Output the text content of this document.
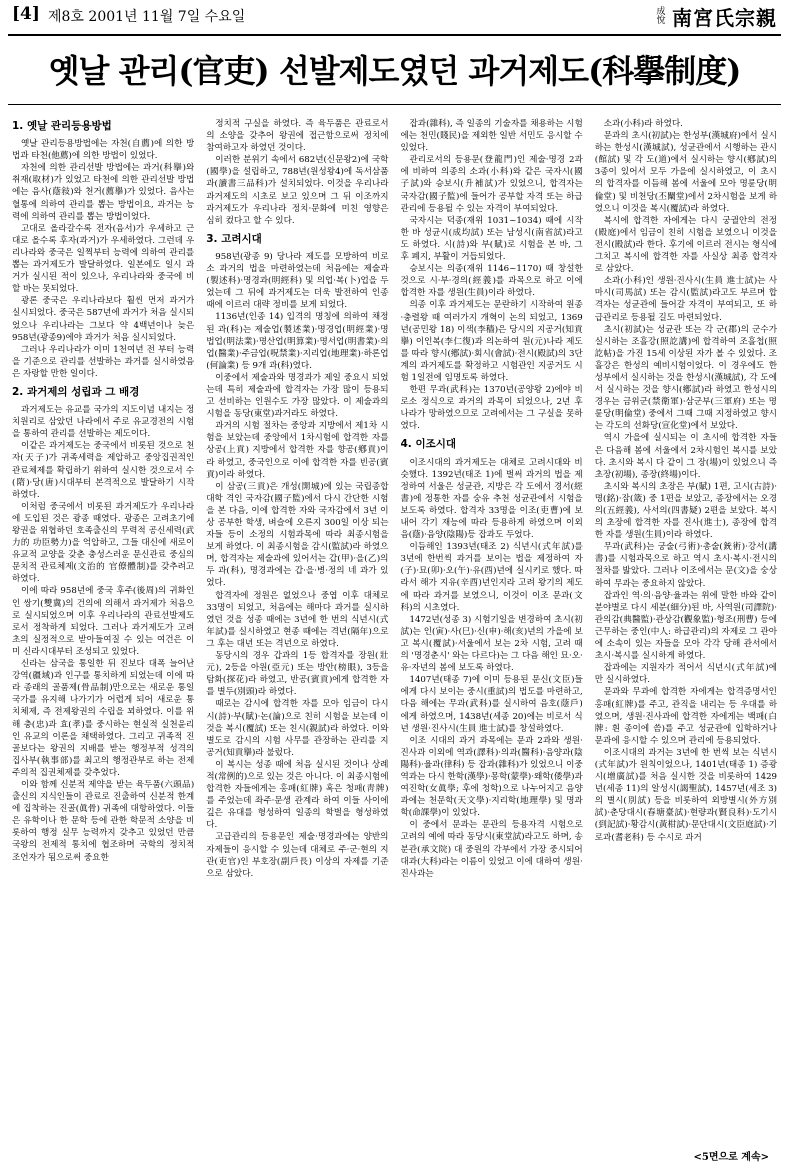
[4] 제8호 2001년 11월 7일 수요일	成悅 南宮氏宗親
옛날 관리(官吏) 선발제도였던 과거제도(科擧制度)
1. 옛날 관리등용방법

옛날 관리등용방법에는 자천(自薦)에 의한 방법과 타천(他薦)에 의한 방법이 있었다.

자천에 의한 관리선발 방법에는 과거(科擧)와 취재(取材)가 있었고 타천에 의한 관리선발 방법에는 음사(蔭敍)와 천거(薦擧)가 있었다. 음사는 혈통에 의하여 관리를 뽑는 방법이요, 과거는 능력에 의하여 관리를 뽑는 방법이었다.

고대로 올라갈수록 전자(음서)가 우세하고 근대로 올수록 후자(과거)가 우세하였다. 그런데 우리나라와 중국은 일찍부터 능력에 의하여 관리를 뽑는 과거제도가 발달하였다. 일본에도 일시 과거가 실시된 적이 있으나, 우리나라와 중국에 비할 바는 못되었다.

광론 중국은 우리나라보다 훨씬 먼저 과거가 실시되었다. 중국은 587년에 과거가 처음 실시되었으나 우리나라는 그보다 약 4백년이나 늦은 958년(광종9)에야 과거가 처음 실시되었다.

그러나 우리나라가 이미 1천여년 전 부터 능력을 기준으로 관리를 선발하는 과거를 실시하였음은 자랑할 만한 일이다.

2. 과거제의 성립과 그 배경

과거제도는 유교를 국가의 지도이념 내지는 정치원리로 삼았던 나라에서 주로 유교경전의 시험을 통하여 관리를 선발하는 제도이다.

이같은 과거제도는 중국에서 비롯된 것으로 천자(天子)가 귀족세력을 제압하고 중앙집권적인 관료체제를 확립하기 위하여 실시한 것으로서 수(隋)·당(唐)시대부터 본격적으로 발달하기 시작하였다.

이처럼 중국에서 비롯된 과거제도가 우리나라에 도입된 것은 광종 때였다. 광종은 고려초기에 왕권을 위협하던 호족출신의 무력적 공신세력(武力的 功臣勢力)을 억압하고, 그들 대신에 새로이 유교적 교양을 갖춘 충성스러운 문신관료 중심의 문치적 관료체제(文治的 官僚體制)를 갖추려고 하였다.

이에 따라 958년에 중국 후주(後周)의 귀화인인 쌍기(雙冀)의 건의에 의해서 과거제가 처음으로 실시되었으며 이후 우리나라의 관료선발제도로서 정착하게 되었다. 그러나 과거제도가 고려초의 실정적으로 받아들여질 수 있는 여건은 이미 신라시대부터 조성되고 있었다.

신라는 삼국을 통일한 뒤 진보다 대폭 늘어난 강역(疆域)과 인구를 통치하게 되었는데 이에 따라 종래의 골품제(骨品制)만으로는 새로운 통일국가를 유지해 나가기가 어렵게 되어 새로운 통치체제, 즉 전제왕권의 수립을 꾀하였다. 이를 위해 충(忠)과 효(孝)를 중시하는 현실적 실천윤리인 유교의 이론을 채택하였다. 그리고 귀족적 진골보다는 왕권의 지배를 받는 행정부적 성격의 집사부(執事部)를 최고의 행정관부로 하는 전제주의적 집권체제를 갖추었다.

이와 함께 신분적 제약을 받는 육두품(六頭品) 출신의 지식인들이 관료로 진출하여 신분적 한계에 집착하는 진골(眞骨) 귀족에 대항하였다. 이들은 유학이나 한 문학 등에 관한 학문적 소양을 비롯하여 행정 실무 능력까지 갖추고 있었던 만큼 국왕의 전제적 통치에 협조하며 국학의 정치적 조언자가 됨으로써 중요한

정치적 구실을 하였다. 즉 육두품은 관료로서의 소양을 갖추어 왕권에 접근함으로써 정치에 참여하고자 하였던 것이다.

이러한 분위기 속에서 682년(신문왕2)에 국학(國學)을 설립하고, 788년(원성왕4)에 독서삼품과(讀書三品科)가 설치되었다. 이것을 우리나라 과거제도의 시초로 보고 있으며 그 뒤 이조까지 과거제도가 우리나라 정치·문화에 미친 영향은 심히 컸다고 할 수 있다.

3. 고려시대

958년(광종 9) 당나라 제도를 모방하여 비로소 과거의 법을 마련하였는데 처음에는 제술과(製述科)·명경과(明經科) 및 의업·복(卜)업을 두었는데 그 뒤에 과거제도는 더욱 발전하여 인종 때에 이르러 대략 정비를 보게 되었다.

1136년(인종 14) 입격의 명칭에 의하여 채정된 과(科)는 제술업(製述業)·명경업(明經業)·명법업(明法業)·명산업(明算業)·명서업(明書業)·의업(醫業)·주금업(呪禁業)·지리업(地理業)·하론업(何論業) 등 9개 과(科)였다.

이중에서 제술과와 명경과가 제일 중요시 되었는데 특히 제술과에 합격자는 가장 많이 등용되고 선비하는 인원수도 가장 많았다. 이 제술과의 시험을 동당(東堂)과거라도 하였다.

과거의 시험 절차는 중앙과 지방에서 제1차 시험을 보았는데 중앙에서 1차시험에 합격한 자를 상공(上貢) 지방에서 합격한 자를 향공(鄕貢)이라 하였고, 중국인으로 이에 합격한 자를 빈공(賓貢)이라 하였다.

이 삼공(三貢)은 개성(開城)에 있는 국립종합대학 격인 국자감(國子監)에서 다시 간단한 시험을 본 다음, 이에 합격한 자와 국자감에서 3년 이상 공부한 학생, 벼슬에 오른지 300일 이상 되는 자들 등이 소정의 시험과목에 따라 최종시험을 보게 하였다. 이 최종시험을 감시(監試)라 하였으며, 합격자는 제술과에 있어서는 갑(甲)·을(乙)의 두 과(科), 명경과에는 갑·을·병·정의 네 과가 있었다.

합격자에 정원은 없었으나 중엽 이후 대체로 33명이 되었고, 처음에는 해마다 과거를 실시하였던 것을 성종 때에는 3년에 한 번의 식년시(式年試)를 실시하였고 현종 때에는 격년(隔年)으로 그 후는 대년 또는 격년으로 하였다.

동당시의 경우 갑과의 1등 합격자를 장원(壯元), 2등을 아원(亞元) 또는 방안(榜眼), 3등을 탐화(探花)라 하였고, 반공(賓貢)에게 합격한 자를 별두(別頭)라 하였다.

때로는 감시에 합격한 자를 모아 임금이 다시 시(詩)·부(賦)·논(論)으로 친히 시험을 보는데 이것을 복시(覆試) 또는 친시(親試)라 하였다. 이와 별도로 감시의 시험 사무를 관장하는 관리를 지공거(知貢擧)라 불렀다.

이 복시는 성종 때에 처음 실시된 것이나 상례적(常例的)으로 있는 것은 아니다. 이 최종시험에 합격한 자들에게는 홍패(紅牌) 혹은 청패(靑牌)를 주었는데 좌주·문생 관계라 하여 이들 사이에 깊은 유대를 형성하여 일종의 학벌을 형성하였다.

고급관리의 등용문인 제술·명경과에는 양반의 자제들이 응시할 수 있는데 대체로 주·군·현의 지관(吏官)인 부호장(副戶長) 이상의 자제를 기준으로 삼았다.

잡과(雜科), 즉 일종의 기술자를 채용하는 시험에는 천민(賤民)을 제외한 일반 서민도 응시할 수 있었다.

관리로서의 등용문(登龍門)인 제술·명경 2과에 비하여 의종의 소과(小科)와 같은 국자시(國子試)와 승보시(升補試)가 있었으니, 합격자는 국자감(國子監)에 들어가 공부할 자격 또는 하급관리에 등용될 수 있는 자격이 부여되었다.

국자시는 덕종(재위 1031~1034) 때에 시작한 바 성균시(成均試) 또는 남성시(南省試)라고도 하였다. 시(詩)와 부(賦)로 시험을 본 바, 그 후 폐지, 부활이 거듭되었다.

승보시는 의종(재위 1146~1170) 때 창설한 것으로 시·부·경의(經義)를 과목으로 하고 이에 합격한 자를 생원(生員)이라 하였다.

의종 이후 과거제도는 문란하기 시작하여 원종·충렬왕 때 여러가지 개혁이 논의 되었고, 1369년(공민왕 18) 이색(李穡)은 당시의 지공거(知貢擧) 이인복(李仁復)과 의논하여 원(元)나라 제도를 따라 향시(鄕試)·회시(會試)·전시(殿試)의 3단계의 과거제도를 확정하고 시험관인 지공거도 시험 1일전에 임명토록 하였다.

한편 무과(武科)는 1370년(공양왕 2)에야 비로소 정식으로 과거의 과목이 되었으나, 2년 후 나라가 망하였으므로 고려에서는 그 구실을 못하였다.

4. 이조시대

이조시대의 과거제도는 대체로 고려시대와 비슷했다. 1392년(태조 1)에 벌써 과거의 법을 제정하여 서울은 성균관, 지방은 각 도에서 경서(經書)에 정통한 자를 숭유 추천 성균관에서 시험을 보도록 하였다. 합격자 33명을 이조(吏曹)에 보내어 각기 재능에 따라 등용하게 하였으며 이외 음(蔭)·음양(陰陽)등 잡과도 두었다.

이듬해인 1393년(태조 2) 식년시(式年試)를 3년에 한번씩 과거를 보이는 법을 제정하여 자(子)·묘(卯)·오(午)·유(酉)년에 실시키로 했다. 따라서 해가 지유(辛酉)년인지라 고려 왕기의 제도에 따라 과거를 보였으니, 이것이 이조 문과(文科)의 시초였다.

1472년(성종 3) 시험기일을 변경하여 초시(初試)는 인(寅)·사(巳)·신(申)·해(亥)년의 가을에 보고 복시(覆試)·서울에서 보는 2차 시험, 고려 때의 '명경춘시' 와는 다르다)는 그 다음 해인 묘·오·유·자년의 봄에 보도록 하였다.

1407년(태종 7)에 이미 등용된 문신(文臣)들에게 다시 보이는 중시(重試)의 법도를 마련하고, 다음 해에는 무과(武科)를 실시하여 음호(蔭戶)에게 하였으며, 1438년(세종 20)에는 비로서 식년 생원·진사시(生員 進士試)를 창설하였다.

이조 시대의 과거 과목에는 문과 2과와 생원·진사과 이외에 역과(譯科)·의과(醫科)·음양과(陰陽科)·율과(律科) 등 잡과(雜科)가 있었으니 이중 역과는 다시 한학(漢學)·몽학(蒙學)·왜학(倭學)과 여진학(女眞學; 후에 청학)으로 나누어지고 음양과에는 천문학(天文學)·지리학(地理學) 및 명과학(命課學)이 있었다.

이 중에서 문과는 문관의 등용자격 시험으로 고려의 예에 따라 동당시(東堂試)라고도 하며, 송분관(承文院) 대 중원의 각부에서 가장 중시되어 대과(大科)라는 이름이 있었고 이에 대하여 생원·진사과는

소과(小科)라 하였다.

문과의 초시(初試)는 한성부(漢城府)에서 실시하는 한성시(漢城試), 성균관에서 시행하는 관시(館試) 및 각 도(道)에서 실시하는 향시(鄕試)의 3종이 있어서 모두 가을에 실시하였고, 이 초시의 합격자를 이듬해 봄에 서울에 모아 명륜당(明倫堂) 및 비천당(丕闡堂)에서 2차시험을 보게 하였으니 이것을 복시(覆試)라 하였다.

복시에 합격한 자에게는 다시 궁궐안의 전정(殿庭)에서 임금이 친히 시험을 보였으니 이것을 전시(殿試)라 한다. 후기에 이르러 전시는 형식에 그치고 복시에 합격한 자를 사실상 최종 합격자로 삼았다.

소과(小科)인 생원·진사시(生員 進士試)는 사마시(司馬試) 또는 감시(監試)라고도 부르며 합격자는 성균관에 들어갈 자격이 부여되고, 또 하급관리로 등용될 길도 마련되었다.

초시(初試)는 성균관 또는 각 군(郡)의 군수가 실시하는 조흘강(照訖講)에 합격하여 조흘첩(照訖帖)을 가진 15세 이상된 자가 볼 수 있었다. 조흘강은 한성의 예비시험이었다. 이 경우에도 한성부에서 실시하는 것을 한성시(漢城試), 각 도에서 실시하는 것을 향시(鄕試)라 하였고 한성시의 경우는 금위군(禁衛軍)·삼군부(三軍府) 또는 명륜당(明倫堂) 중에서 그때 그때 지정하였고 향시는 각도의 선화당(宣化堂)에서 보았다.

역시 가을에 실시되는 이 초시에 합격한 자들은 다음해 봄에 서울에서 2차시험인 복시를 보았다. 초시와 복시 다 같이 그 장(場)이 있었으니 즉 초장(初場), 종장(終場)이다.

초시와 복시의 초장은 부(賦) 1편, 고시(古詩)·명(銘)·잠(箴) 중 1편을 보았고, 종장에서는 오경의(五經義), 사서의(四書疑) 2편을 보았다. 복시의 초장에 합격한 자를 진사(進士), 종장에 합격한 자를 생원(生員)이라 하였다.

무과(武科)는 궁술(弓術)·총술(銃術)·강서(講書)를 시험과목으로 하고 역시 초시·복시·전시의 절차를 밟았다. 그러나 이조에서는 문(文)을 숭상하여 무과는 중요하지 않았다.

잡과인 역·의·음양·율과는 위에 말한 바와 같이 분야별로 다시 세분(細分)된 바, 사역원(司譯院)·관의감(典醫監)·관상감(觀象監)·형조(刑曹) 등에 근무하는 중인(中人: 하급관리)의 자제로 그 관아에 소속이 있는 자들을 모아 각각 당해 관서에서 초시·복시를 실시하게 하였다.

잡과에는 지원자가 적어서 식년시(式年試)에만 실시하였다.

문과와 무과에 합격한 자에게는 합격증명서인 홍패(紅牌)를 주고, 관직을 내리는 등 우대를 하였으며, 생원·진사과에 합격한 자에게는 백패(白牌: 흰 종이에 씀)를 주고 성균관에 입학하거나 문과에 응시할 수 있으며 관리에 등용되었다.

이조시대의 과거는 3년에 한 번씩 보는 식년시(式年試)가 원칙이었으나, 1401년(태종 1) 증광시(增廣試)를 처음 실시한 것을 비롯하여 1429년(세종 11)의 알성시(謁聖試), 1457년(세조 3)의 별시(別試) 등을 비롯하여 외방별시(外方別試)·춘당대시(春塘臺試)·현량과(賢良科)·도기시(到記試)·황감시(黃柑試)·문단대시(文臣庭試)·기로과(耆老科) 등 수시로 과거

<5면으로 계속>
